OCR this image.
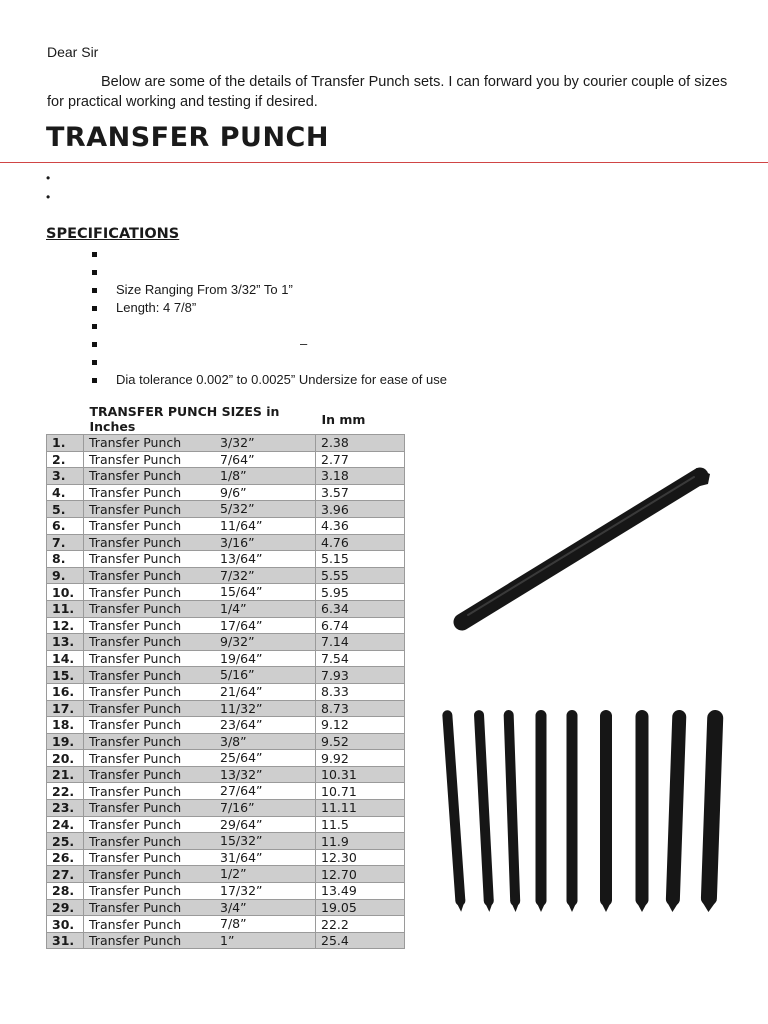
Dear Sir
Below are some of the details of Transfer Punch sets. I can forward you by courier couple of sizes for practical working and testing if desired.
TRANSFER PUNCH
•
•
SPECIFICATIONS
Size Ranging From 3/32” To 1”
Length: 4 7/8”
–
Dia tolerance 0.002” to 0.0025” Undersize for ease of use
	TRANSFER PUNCH SIZES in Inches	In mm
1.	Transfer Punch 3/32”	2.38
2.	Transfer Punch 7/64”	2.77
3.	Transfer Punch 1/8”	3.18
4.	Transfer Punch 9/6”	3.57
5.	Transfer Punch 5/32”	3.96
6.	Transfer Punch 11/64”	4.36
7.	Transfer Punch 3/16”	4.76
8.	Transfer Punch 13/64”	5.15
9.	Transfer Punch 7/32”	5.55
10.	Transfer Punch 15/64”	5.95
11.	Transfer Punch 1/4”	6.34
12.	Transfer Punch 17/64”	6.74
13.	Transfer Punch 9/32”	7.14
14.	Transfer Punch 19/64”	7.54
15.	Transfer Punch 5/16”	7.93
16.	Transfer Punch 21/64”	8.33
17.	Transfer Punch 11/32”	8.73
18.	Transfer Punch 23/64”	9.12
19.	Transfer Punch 3/8”	9.52
20.	Transfer Punch 25/64”	9.92
21.	Transfer Punch 13/32”	10.31
22.	Transfer Punch 27/64”	10.71
23.	Transfer Punch 7/16”	11.11
24.	Transfer Punch 29/64”	11.5
25.	Transfer Punch 15/32”	11.9
26.	Transfer Punch 31/64”	12.30
27.	Transfer Punch 1/2”	12.70
28.	Transfer Punch 17/32”	13.49
29.	Transfer Punch 3/4”	19.05
30.	Transfer Punch 7/8”	22.2
31.	Transfer Punch 1”	25.4
